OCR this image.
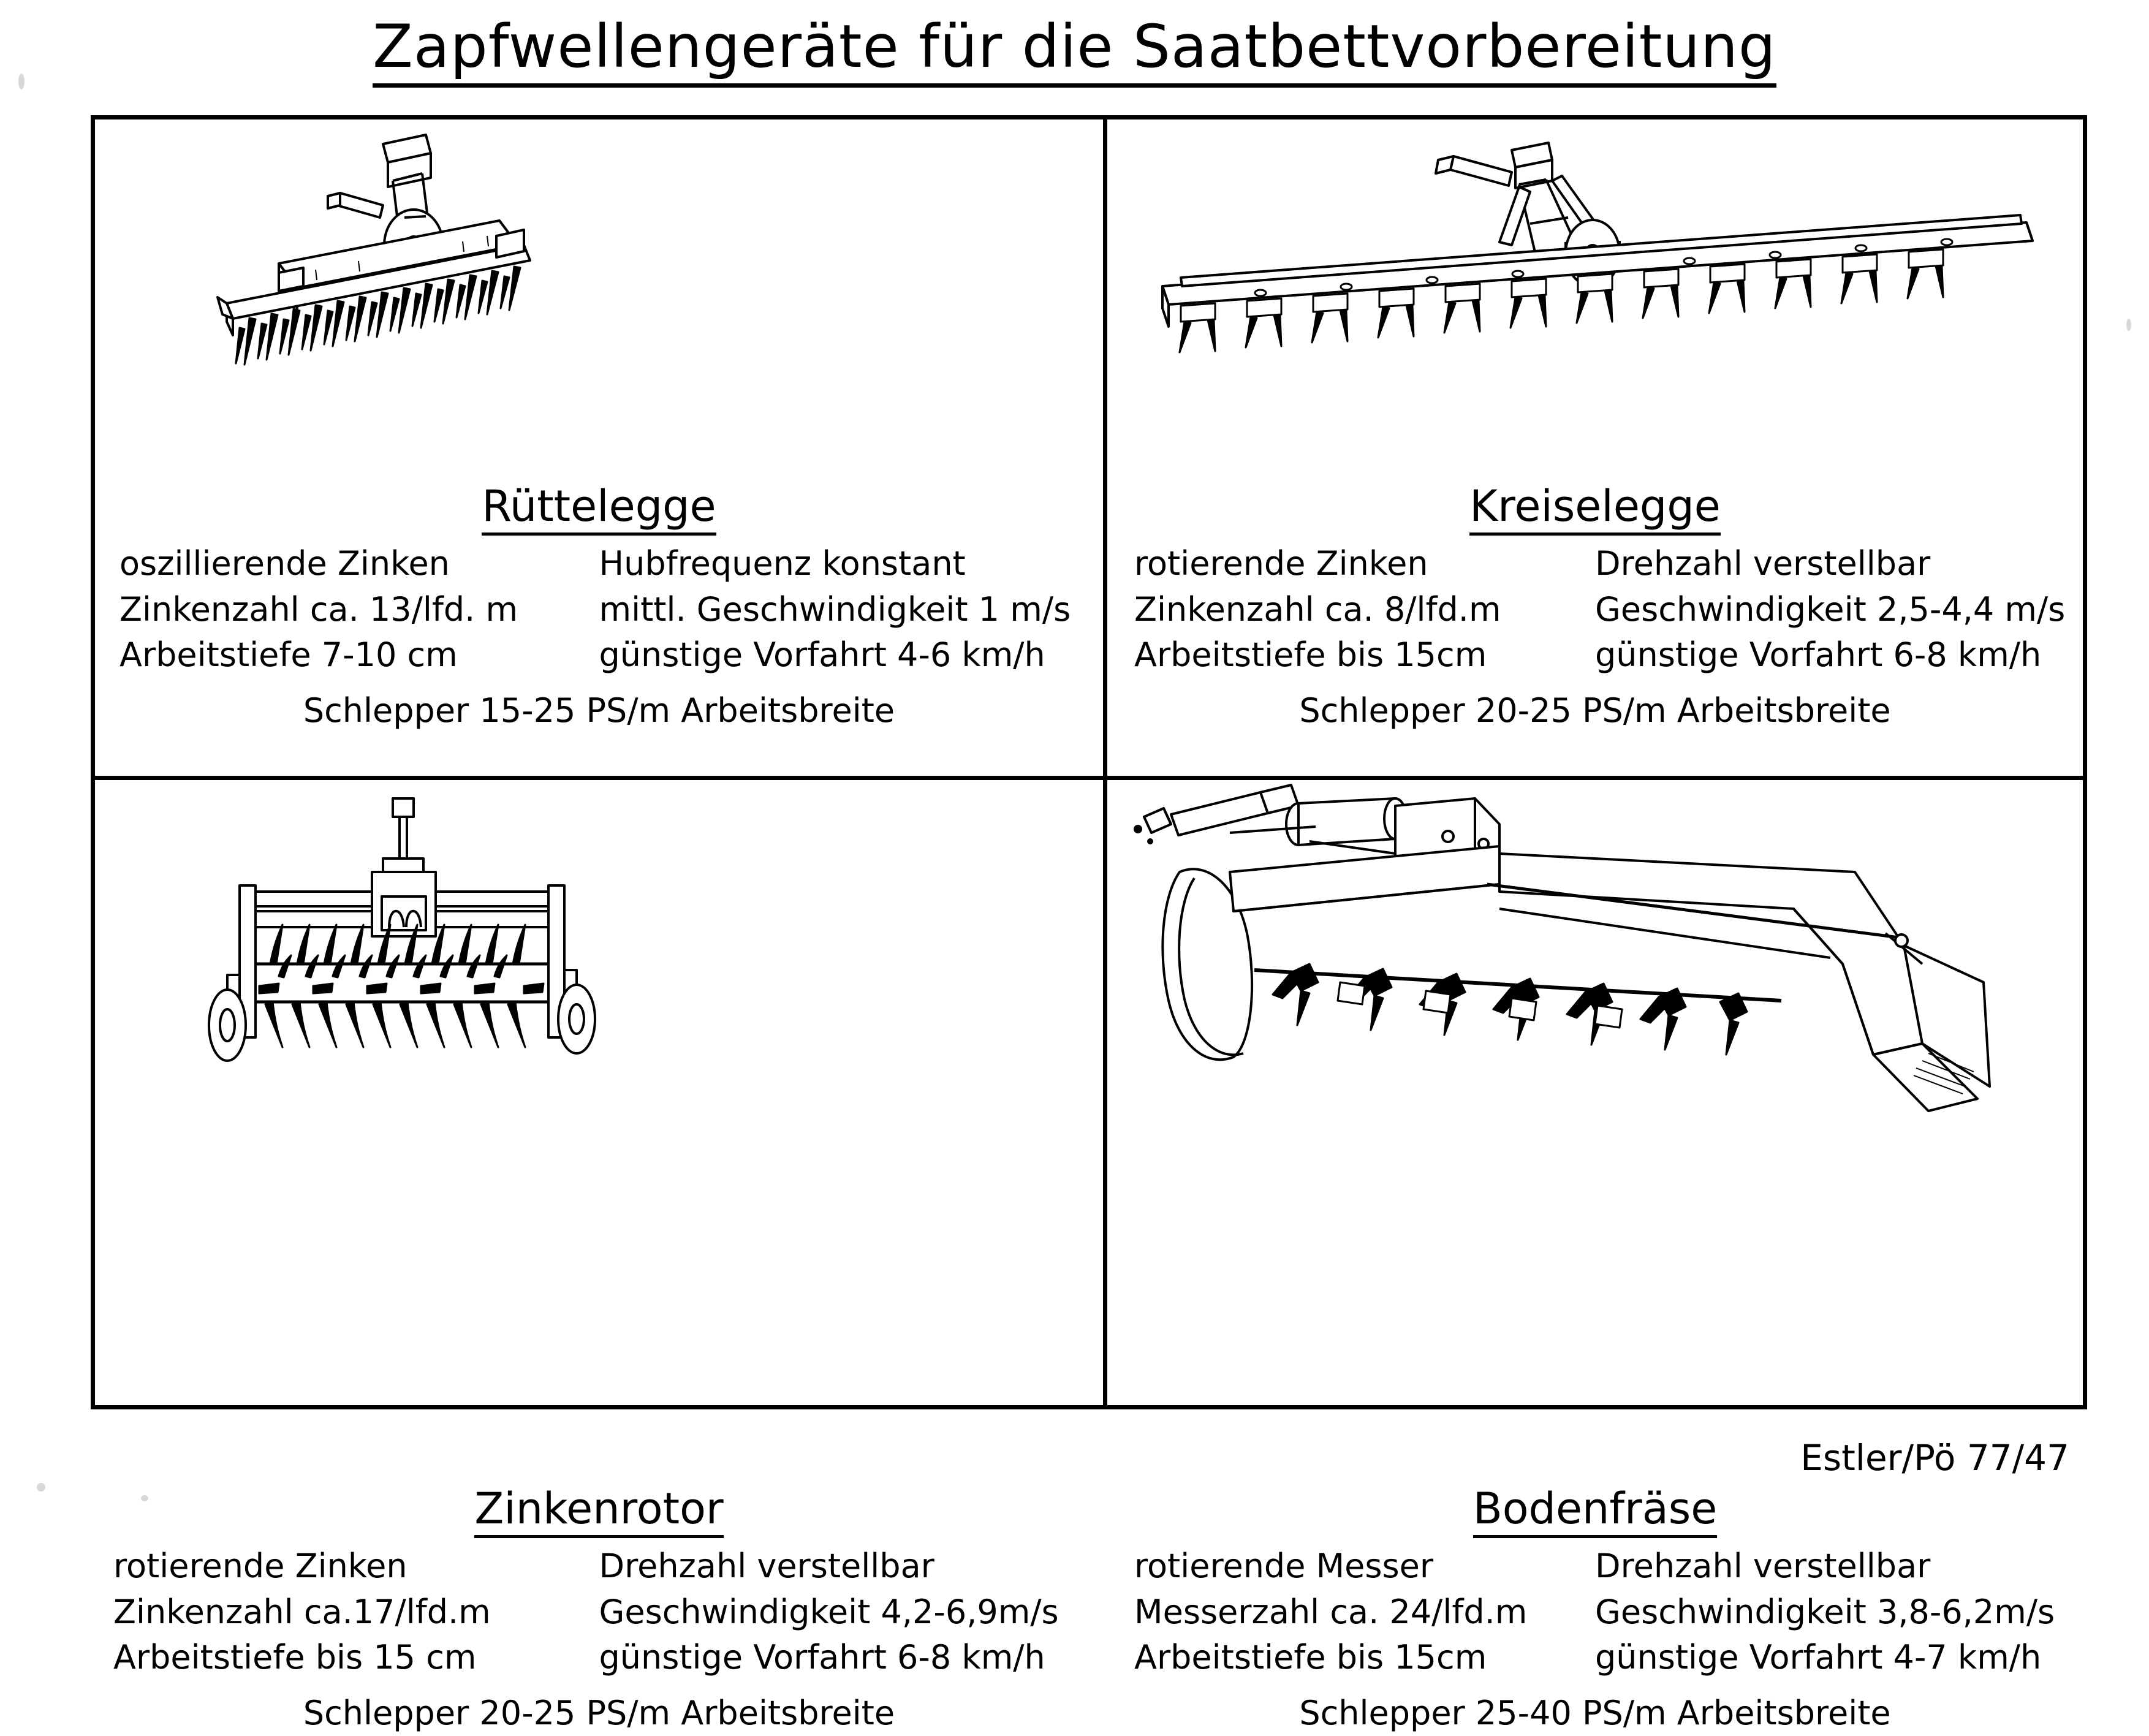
Zapfwellengeräte für die Saatbettvorbereitung
Rüttelegge
oszillierende Zinken	Hubfrequenz konstant
Zinkenzahl ca. 13/lfd. m	mittl. Geschwindigkeit 1 m/s
Arbeitstiefe 7-10 cm	günstige Vorfahrt 4-6 km/h
Schlepper 15-25 PS/m Arbeitsbreite
Kreiselegge
rotierende Zinken	Drehzahl verstellbar
Zinkenzahl ca. 8/lfd.m	Geschwindigkeit 2,5-4,4 m/s
Arbeitstiefe bis 15cm	günstige Vorfahrt 6-8 km/h
Schlepper 20-25 PS/m Arbeitsbreite
Zinkenrotor
rotierende Zinken	Drehzahl verstellbar
Zinkenzahl ca.17/lfd.m	Geschwindigkeit 4,2-6,9m/s
Arbeitstiefe bis 15 cm	günstige Vorfahrt 6-8 km/h
Schlepper 20-25 PS/m Arbeitsbreite
Bodenfräse
rotierende Messer	Drehzahl verstellbar
Messerzahl ca. 24/lfd.m	Geschwindigkeit 3,8-6,2m/s
Arbeitstiefe bis 15cm	günstige Vorfahrt 4-7 km/h
Schlepper 25-40 PS/m Arbeitsbreite
Estler/Pö 77/47
